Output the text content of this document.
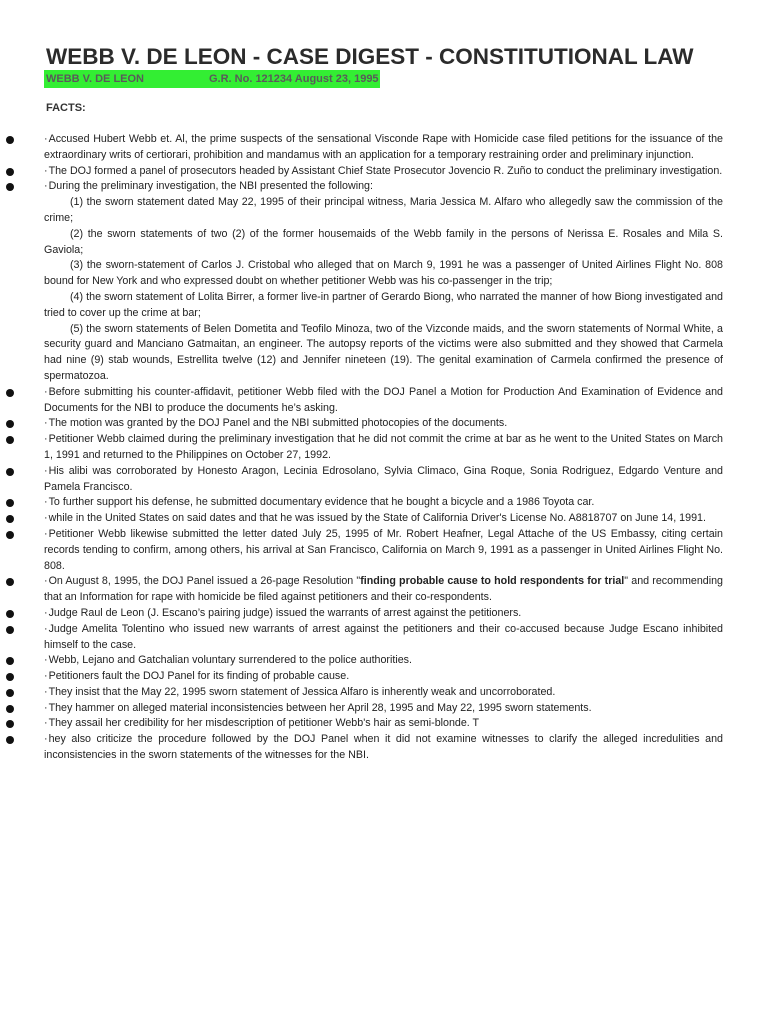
WEBB V. DE LEON - CASE DIGEST - CONSTITUTIONAL LAW
WEBB V. DE LEON	G.R. No. 121234 August 23, 1995
FACTS:
· Accused Hubert Webb et. Al, the prime suspects of the sensational Visconde Rape with Homicide case filed petitions for the issuance of the extraordinary writs of certiorari, prohibition and mandamus with an application for a temporary restraining order and preliminary injunction.
· The DOJ formed a panel of prosecutors headed by Assistant Chief State Prosecutor Jovencio R. Zuño to conduct the preliminary investigation.
· During the preliminary investigation, the NBI presented the following:
(1) the sworn statement dated May 22, 1995 of their principal witness, Maria Jessica M. Alfaro who allegedly saw the commission of the crime;
(2) the sworn statements of two (2) of the former housemaids of the Webb family in the persons of Nerissa E. Rosales and Mila S. Gaviola;
(3) the sworn-statement of Carlos J. Cristobal who alleged that on March 9, 1991 he was a passenger of United Airlines Flight No. 808 bound for New York and who expressed doubt on whether petitioner Webb was his co-passenger in the trip;
(4) the sworn statement of Lolita Birrer, a former live-in partner of Gerardo Biong, who narrated the manner of how Biong investigated and tried to cover up the crime at bar;
(5) the sworn statements of Belen Dometita and Teofilo Minoza, two of the Vizconde maids, and the sworn statements of Normal White, a security guard and Manciano Gatmaitan, an engineer. The autopsy reports of the victims were also submitted and they showed that Carmela had nine (9) stab wounds, Estrellita twelve (12) and Jennifer nineteen (19). The genital examination of Carmela confirmed the presence of spermatozoa.
· Before submitting his counter-affidavit, petitioner Webb filed with the DOJ Panel a Motion for Production And Examination of Evidence and Documents for the NBI to produce the documents he’s asking.
· The motion was granted by the DOJ Panel and the NBI submitted photocopies of the documents.
· Petitioner Webb claimed during the preliminary investigation that he did not commit the crime at bar as he went to the United States on March 1, 1991 and returned to the Philippines on October 27, 1992.
· His alibi was corroborated by Honesto Aragon, Lecinia Edrosolano, Sylvia Climaco, Gina Roque, Sonia Rodriguez, Edgardo Venture and Pamela Francisco.
· To further support his defense, he submitted documentary evidence that he bought a bicycle and a 1986 Toyota car.
· while in the United States on said dates and that he was issued by the State of California Driver's License No. A8818707 on June 14, 1991.
· Petitioner Webb likewise submitted the letter dated July 25, 1995 of Mr. Robert Heafner, Legal Attache of the US Embassy, citing certain records tending to confirm, among others, his arrival at San Francisco, California on March 9, 1991 as a passenger in United Airlines Flight No. 808.
· On August 8, 1995, the DOJ Panel issued a 26-page Resolution "finding probable cause to hold respondents for trial" and recommending that an Information for rape with homicide be filed against petitioners and their co-respondents.
· Judge Raul de Leon (J. Escano’s pairing judge) issued the warrants of arrest against the petitioners.
· Judge Amelita Tolentino who issued new warrants of arrest against the petitioners and their co-accused because Judge Escano inhibited himself to the case.
· Webb, Lejano and Gatchalian voluntary surrendered to the police authorities.
· Petitioners fault the DOJ Panel for its finding of probable cause.
· They insist that the May 22, 1995 sworn statement of Jessica Alfaro is inherently weak and uncorroborated.
· They hammer on alleged material inconsistencies between her April 28, 1995 and May 22, 1995 sworn statements.
· They assail her credibility for her misdescription of petitioner Webb's hair as semi-blonde. T
· hey also criticize the procedure followed by the DOJ Panel when it did not examine witnesses to clarify the alleged incredulities and inconsistencies in the sworn statements of the witnesses for the NBI.
